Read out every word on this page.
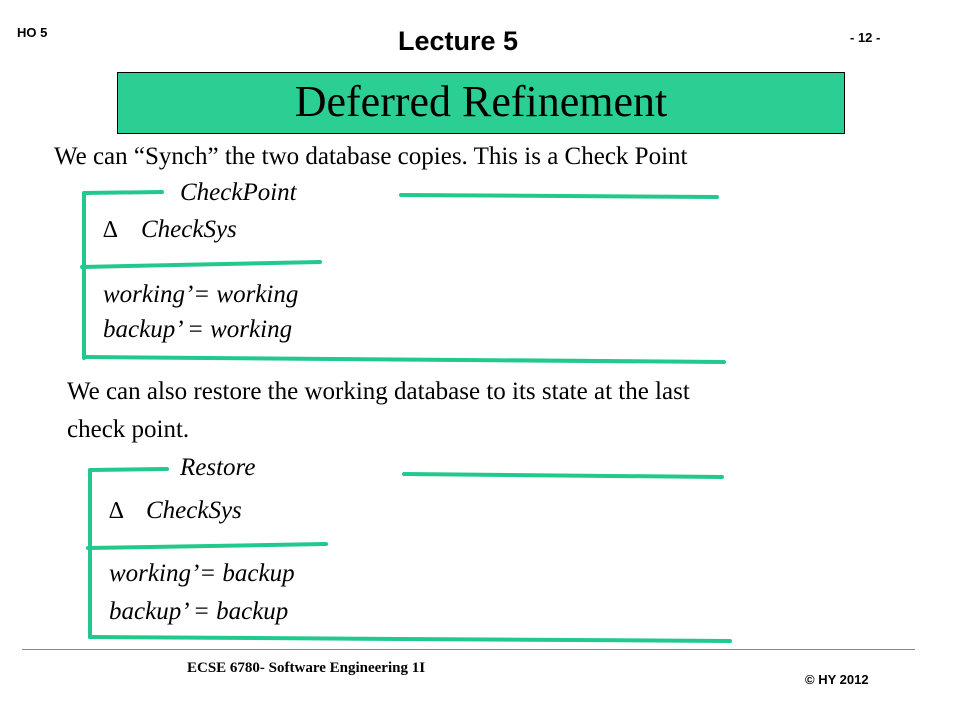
HO 5	Lecture 5	- 12 -
Deferred Refinement
We can “Synch” the two database copies. This is a Check Point
CheckPoint
∆ CheckSys
working’= working
backup’ = working
We can also restore the working database to its state at the last
check point.
Restore
∆ CheckSys
working’= backup
backup’ = backup
ECSE 6780- Software Engineering 1I
© HY 2012
